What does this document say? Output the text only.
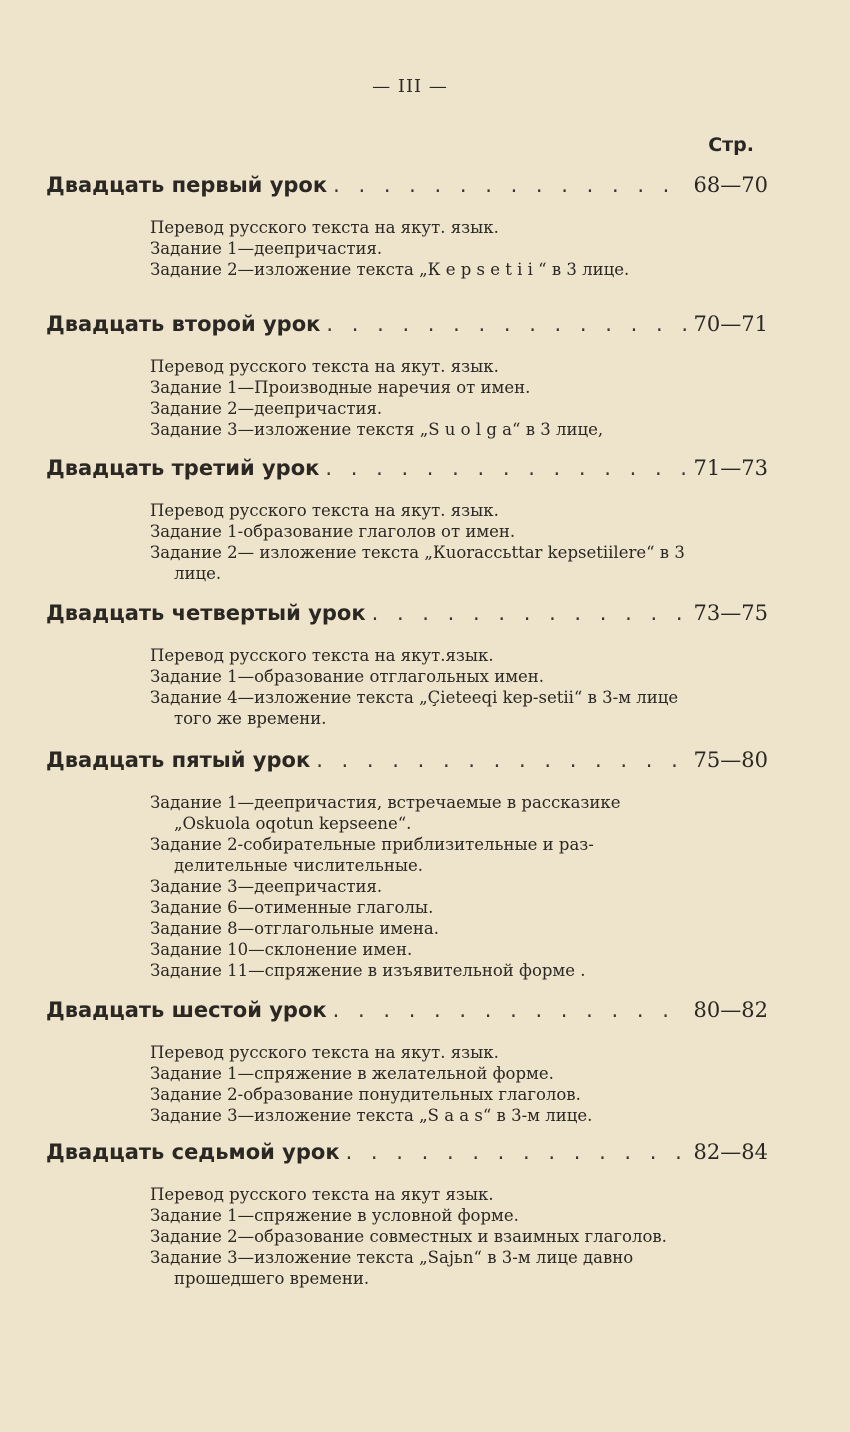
— III —
Стр.
Двадцать первый урок . . .	68—70
Перевод русского текста на якут. язык.
Задание 1—деепричастия.
Задание 2—изложение текста „К е р s е t i i “ в 3 лице.
Двадцать второй урок . . .	70—71
Перевод русского текста на якут. язык.
Задание 1—Производные наречия от имен.
Задание 2—деепричастия.
Задание 3—изложение текстя „S u o l g a“ в 3 лице,
Двадцать третий урок . . .	71—73
Перевод русского текста на якут. язык.
Задание 1-образование глаголов от имен.
Задание 2— изложение текста „Кuoraccьttar kepsetiilere“ в 3 лице.
Двадцать четвертый урок . . .	73—75
Перевод русского текста на якут.язык.
Задание 1—образование отглагольных имен.
Задание 4—изложение текста „Çieteeqi kep-setii“ в 3-м лице того же времени.
Двадцать пятый урок . . .	75—80
Задание 1—деепричастия, встречаемые в рассказике „Oskuola oqotun kepseene“.
Задание 2-собирательные приблизительные и раз-делительные числительные.
Задание 3—деепричастия.
Задание 6—отименные глаголы.
Задание 8—отглагольные имена.
Задание 10—склонение имен.
Задание 11—спряжение в изъявительной форме .
Двадцать шестой урок . . .	80—82
Перевод русского текста на якут. язык.
Задание 1—спряжение в желательной форме.
Задание 2-образование понудительных глаголов.
Задание 3—изложение текста „S a a s“ в 3-м лице.
Двадцать седьмой урок . . .	82—84
Перевод русского текста на якут язык.
Задание 1—спряжение в условной форме.
Задание 2—образование совместных и взаимных глаголов.
Задание 3—изложение текста „Sajьn“ в 3-м лице давно прошедшего времени.
